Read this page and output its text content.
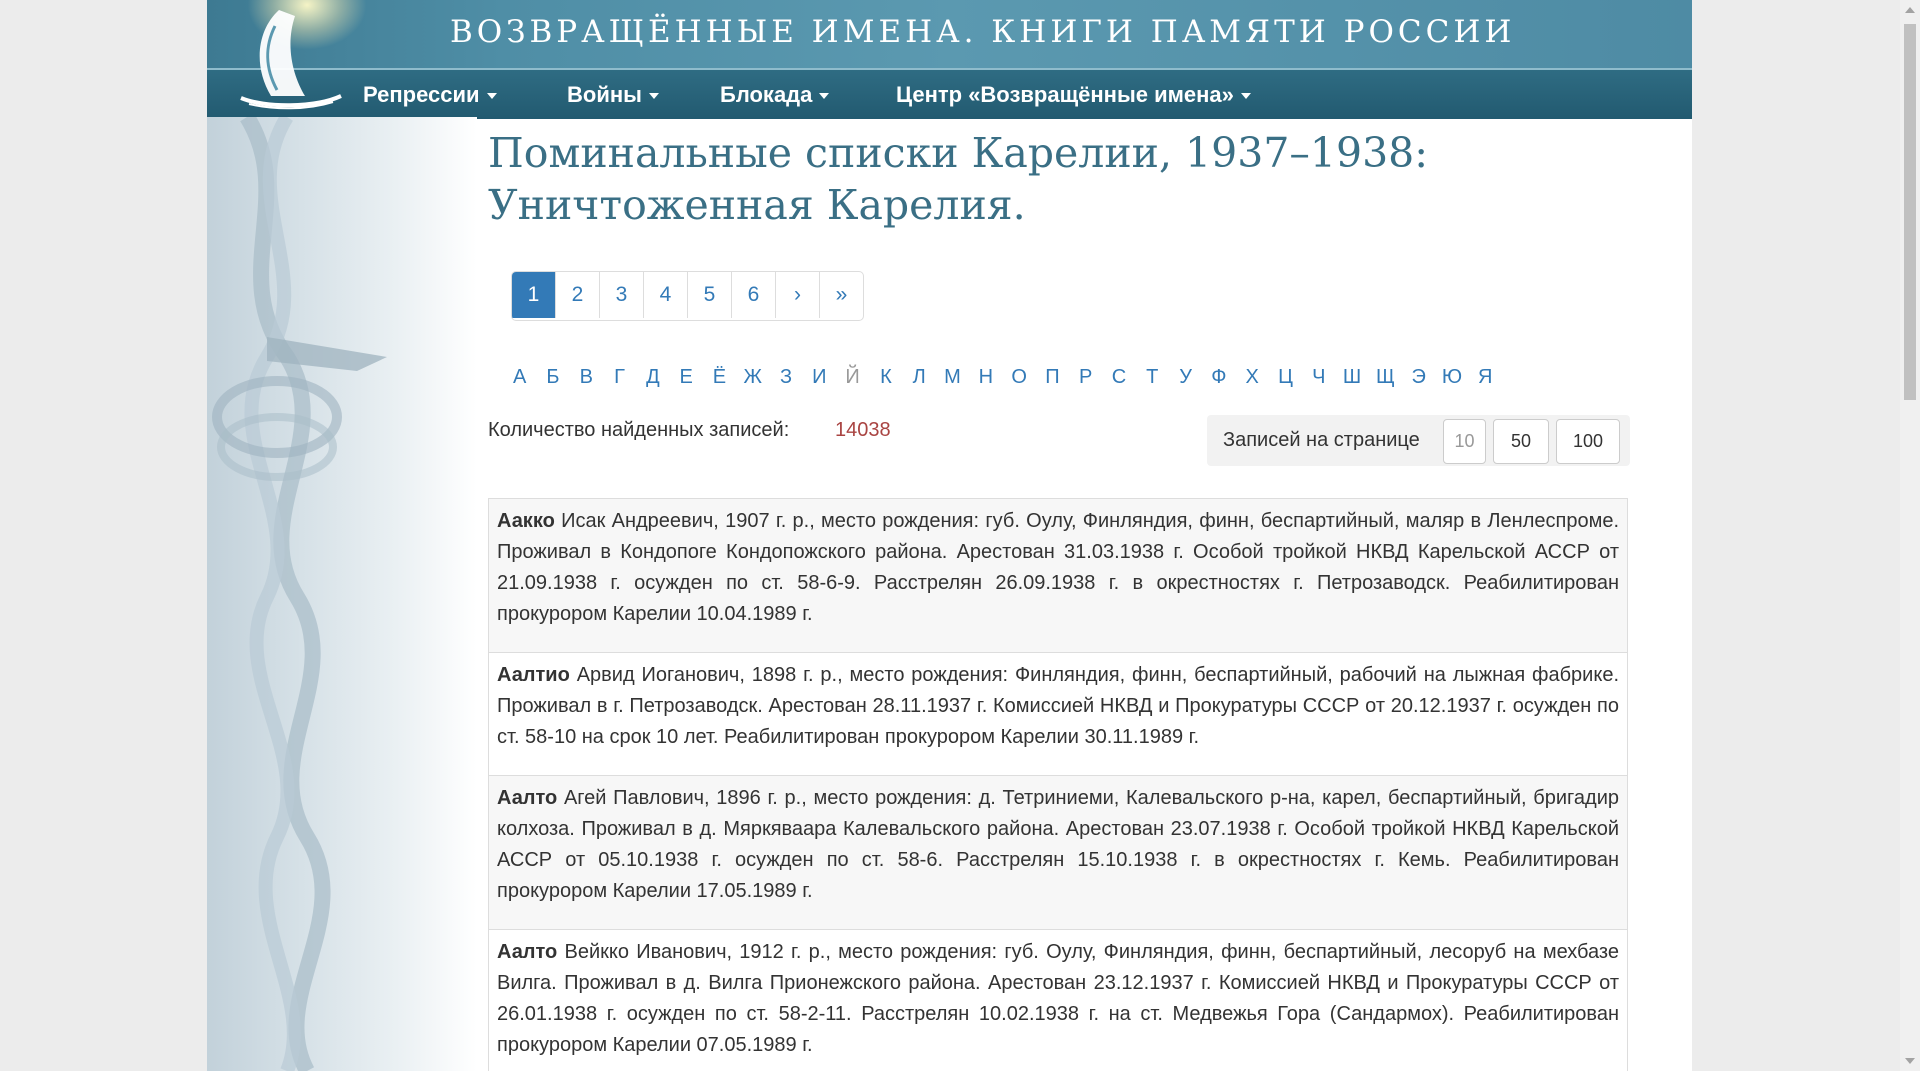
ВОЗВРАЩЁННЫЕ ИМЕНА. КНИГИ ПАМЯТИ РОССИИ
Репрессии	Войны	Блокада	Центр «Возвращённые имена»
Поминальные списки Карелии, 1937–1938: Уничтоженная Карелия.
1	2	3	4	5	6	›	»
А	Б	В	Г	Д Е Ё Ж З	И Й	К	Л М Н О П Р С Т	У Ф Х Ц Ч Ш Щ Э Ю Я
Количество найденных записей: 14038	Записей на странице	10	50	100
Аакко Исак Андреевич, 1907 г. р., место рождения: губ. Оулу, Финляндия, финн, беспартийный, маляр в Ленлеспроме. Проживал в Кондопоге Кондопожского района. Арестован 31.03.1938 г. Особой тройкой НКВД Карельской АССР от 21.09.1938 г. осужден по ст. 58-6-9. Расстрелян 26.09.1938 г. в окрестностях г. Петрозаводск. Реабилитирован прокурором Карелии 10.04.1989 г.
Аалтио Арвид Иоганович, 1898 г. р., место рождения: Финляндия, финн, беспартийный, рабочий на лыжная фабрике. Проживал в г. Петрозаводск. Арестован 28.11.1937 г. Комиссией НКВД и Прокуратуры СССР от 20.12.1937 г. осужден по ст. 58-10 на срок 10 лет. Реабилитирован прокурором Карелии 30.11.1989 г.
Аалто Агей Павлович, 1896 г. р., место рождения: д. Тетриниеми, Калевальского р-на, карел, беспартийный, бригадир колхоза. Проживал в д. Мяркяваара Калевальского района. Арестован 23.07.1938 г. Особой тройкой НКВД Карельской АССР от 05.10.1938 г. осужден по ст. 58-6. Расстрелян 15.10.1938 г. в окрестностях г. Кемь. Реабилитирован прокурором Карелии 17.05.1989 г.
Аалто Вейкко Иванович, 1912 г. р., место рождения: губ. Оулу, Финляндия, финн, беспартийный, лесоруб на мехбазе Вилга. Проживал в д. Вилга Прионежского района. Арестован 23.12.1937 г. Комиссией НКВД и Прокуратуры СССР от 26.01.1938 г. осужден по ст. 58-2-11. Расстрелян 10.02.1938 г. на ст. Медвежья Гора (Сандармох). Реабилитирован прокурором Карелии 07.05.1989 г.
